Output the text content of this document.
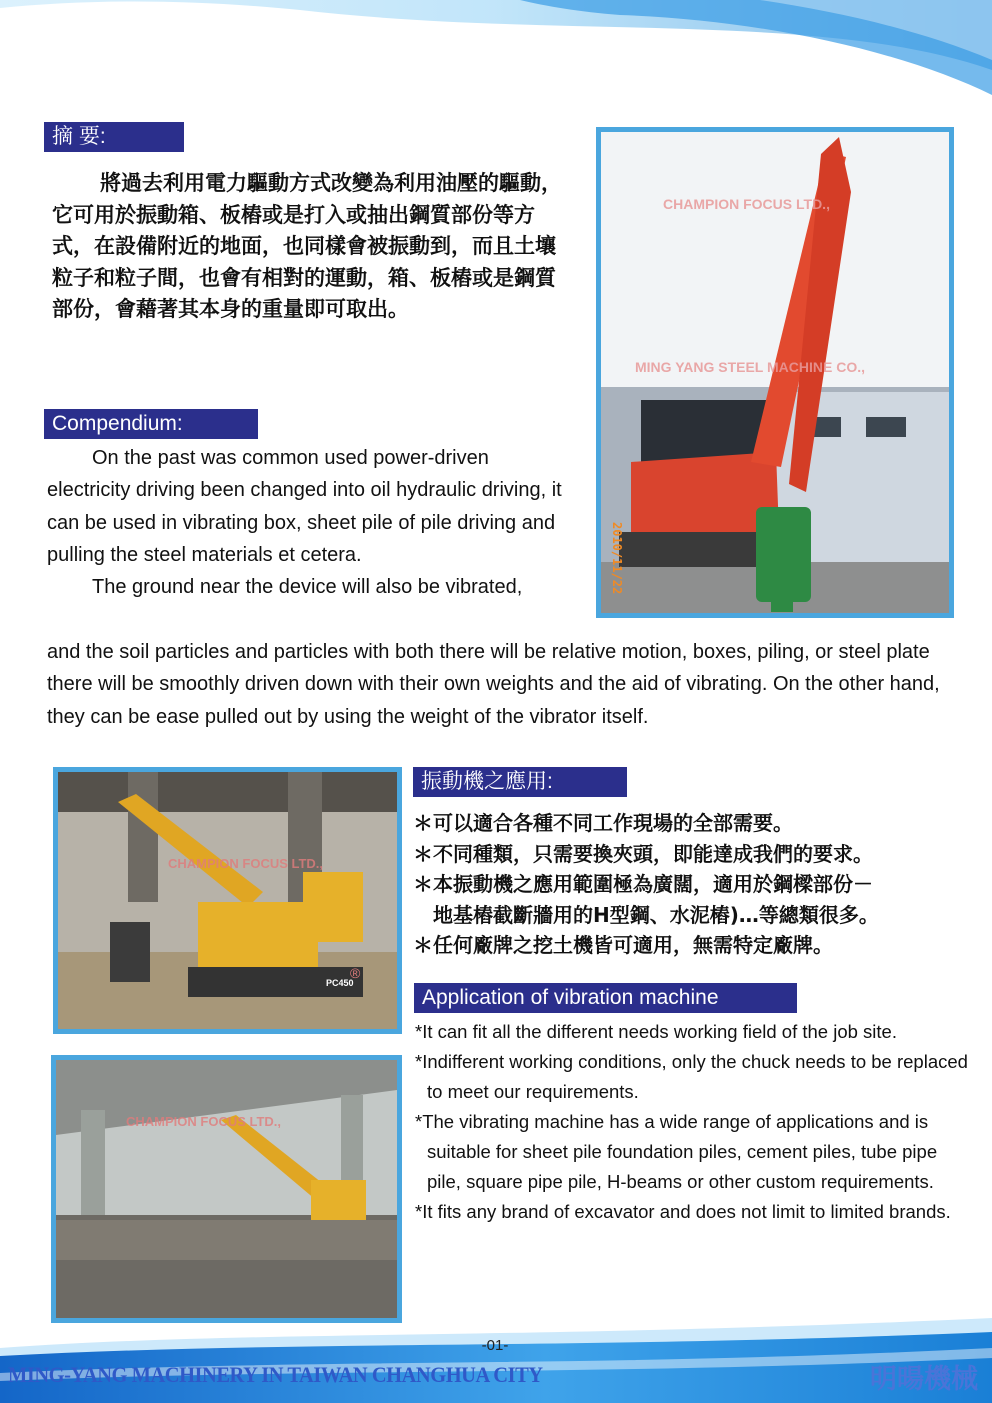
摘 要:
將過去利用電力驅動方式改變為利用油壓的驅動，它可用於振動箱、板樁或是打入或抽出鋼質部份等方式，在設備附近的地面，也同樣會被振動到，而且土壤粒子和粒子間，也會有相對的運動，箱、板樁或是鋼質部份，會藉著其本身的重量即可取出。
Compendium:

On the past was common used power-driven electricity driving been changed into oil hydraulic driving, it can be used in vibrating box, sheet pile of pile driving and pulling the steel materials et cetera.

The ground near the device will also be vibrated,

and the soil particles and particles with both there will be relative motion, boxes, piling, or steel plate there will be smoothly driven down with their own weights and the aid of vibrating. On the other hand, they can be ease pulled out by using the weight of the vibrator itself.
CHAMPION FOCUS LTD.,
MING YANG STEEL MACHINE CO.,
2010/11/22
CHAMPION FOCUS LTD.,
®
PC450
CHAMPION FOCUS LTD.,
振動機之應用:
＊可以適合各種不同工作現場的全部需要。
＊不同種類，只需要換夾頭，即能達成我們的要求。
＊本振動機之應用範圍極為廣闊，適用於鋼樑部份－
　地基樁截斷牆用的H型鋼、水泥樁)…等總類很多。
＊任何廠牌之挖土機皆可適用，無需特定廠牌。
Application of vibration machine
*It can fit all the different needs working field of the job site.
*Indifferent working conditions, only the chuck needs to be replaced to meet our requirements.
*The vibrating machine has a wide range of applications and is suitable for sheet pile foundation piles, cement piles, tube pipe pile, square pipe pile, H-beams or other custom requirements.
*It fits any brand of excavator and does not limit to limited brands.
-01-
MING-YANG MACHINERY IN TAIWAN CHANGHUA CITY	明暘機械
